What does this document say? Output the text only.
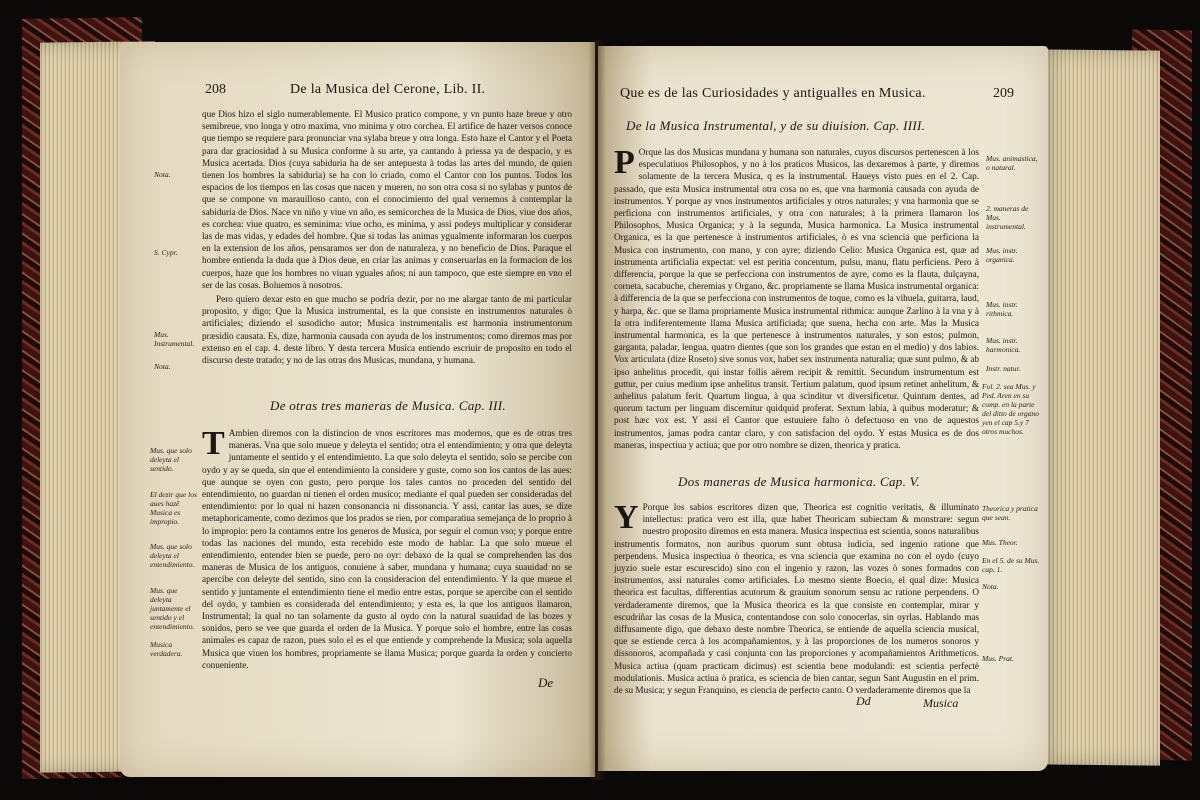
208	De la Musica del Cerone, Lib. II.

que Dios hizo el siglo numerablemente. El Musico pratico compone, y vn punto haze breue y otro semibreue, vno longa y otro maxima, vno minima y otro corchea. El artifice de hazer versos conoce que tiempo se requiere para pronunciar vna sylaba breue y otra longa. Esto haze el Cantor y el Poeta para dar graciosidad à su Musica conforme à su arte, ya cantando à priessa ya de despacio, y es Musica acertada. Dios (cuya sabiduria ha de ser antepuesta à todas las artes del mundo, de quien tienen los hombres la sabiduria) se ha con lo criado, como el Cantor con los puntos. Todos los espacios de los tiempos en las cosas que nacen y mueren, no son otra cosa si no sylabas y puntos de que se compone vn marauilloso canto, con el conocimiento del qual vernemos à contemplar la sabiduria de Dios. Nace vn niño y viue vn año, es semicorchea de la Musica de Dios, viue dos años, es corchea: viue quatro, es seminima: viue ocho, es minima, y assi podeys multiplicar y considerar las de mas vidas, y edades del hombre. Que si todas las animas ygualmente informaran los cuerpos en la extension de los años, pensaramos ser don de naturaleza, y no beneficio de Dios. Paraque el hombre entienda la duda que à Dios deue, en criar las animas y conseruarlas en la formacion de los cuerpos, haze que los hombres no viuan yguales años; ni aun tampoco, que este siempre en vno el ser de las cosas. Boluemos à nosotros.

Pero quiero dexar esto en que mucho se podria dezir, por no me alargar tanto de mi particular proposito, y digo; Que la Musica instrumental, es la que consiste en instrumentos naturales ò artificiales; diziendo el susodicho autor; Musica instrumentalis est harmonia instrumentorum præsidio causata. Es, dize, harmonia causada con ayuda de los instrumentos; como diremos mas por extenso en el cap. 4. deste libro. Y desta tercera Musica entiendo escriuir de proposito en todo el discurso deste tratado; y no de las otras dos Musicas, mundana, y humana.

De otras tres maneras de Musica. Cap. III.

T Ambien diremos con la distincion de vnos escritores mas modernos, que es de otras tres maneras. Vna que solo mueue y deleyta el sentido; otra el entendimiento; y otra que deleyta juntamente el sentido y el entendimiento. La que solo deleyta el sentido, solo se percibe con oydo y ay se queda, sin que el entendimiento la considere y guste, como son los cantos de las aues: que aunque se oyen con gusto, pero porque los tales cantos no proceden del sentido del entendimiento, no guardan ni tienen el orden musico; mediante el qual pueden ser consideradas del entendimiento: por lo qual ni hazen consonancia ni dissonancia. Y assi, cantar las aues, se dize metaphoricamente, como dezimos que los prados se rien, por comparatiua semejança de lo proprio à lo impropio: pero la contamos entre los generos de Musica, por seguir el comun vso; y porque entre todas las naciones del mundo, esta recebido este modo de hablar. La que solo mueue el entendimiento, entender bien se puede, pero no oyr: debaxo de la qual se comprehenden las dos maneras de Musica de los antiguos, conuiene à saber, mundana y humana; cuya suauidad no se apercibe con deleyte del sentido, sino con la consideracion del entendimiento. Y la que mueue el sentido y juntamente el entendimiento tiene el medio entre estas, porque se apercibe con el sentido del oydo, y tambien es considerada del entendimiento; y esta es, la que los antiguos llamaron, Instrumental; la qual no tan solamente da gusto al oydo con la natural suauidad de las bozes y sonidos, pero se vee que guarda el orden de la Musica. Y porque solo el hombre, entre las cosas animales es capaz de razon, pues solo el es el que entiende y comprehende la Musica; sola aquella Musica que viuen los hombres, propriamente se llama Musica; porque guarda la orden y concierto conueniente.

De
Nota.
S. Cypr.
Mus. Instrumental.
Nota.
Mus. que solo deleyta el sentido.
El dezir que los aues hazē Musica es impropio.
Mus. que solo deleyta el entendimiento.
Mus. que deleyta juntamente el sentido y el entendimiento.
Musica verdadera.
Que es de las Curiosidades y antigualles en Musica.	209
De la Musica Instrumental, y de su diuision. Cap. IIII.

P Orque las dos Musicas mundana y humana son naturales, cuyos discursos pertenescen à los especulatiuos Philosophos, y no à los praticos Musicos, las dexaremos à parte, y diremos solamente de la tercera Musica, q es la instrumental. Haueys visto pues en el 2. Cap. passado, que esta Musica instrumental otra cosa no es, que vna harmonia causada con ayuda de instrumentos. Y porque ay vnos instrumentos artificiales y otros naturales; y vna harmonia que se perficiona con instrumentos artificiales, y otra con naturales; à la primera llamaron los Philosophos, Musica Organica; y à la segunda, Musica harmonica. La Musica instrumental Organica, es la que pertenesce à instrumentos artificiales, ò es vna sciencia que perficiona la Musica con instrumento, con mano, y con ayre; diziendo Celio: Musica Organica est, quæ ad instrumenta artificialia expectat: vel est peritia concentum, pulsu, manu, flatu perficiens. Pero à differencia, porque la que se perfecciona con instrumentos de ayre, como es la flauta, dulçayna, corneta, sacabuche, cheremias y Organo, &c. propriamente se llama Musica instrumental organica: à differencia de la que se perfecciona con instrumentos de toque, como es la vihuela, guitarra, laud, y harpa, &c. que se llama propriamente Musica instrumental rithmica: aunque Zarlino à la vna y à la otra indiferentemente llama Musica artificiada; que suena, hecha con arte. Mas la Musica instrumental harmonica, es la que pertenesce à instrumentos naturales, y son estos; pulmon, garganta, paladar, lengua, quatro dientes (que son los grandes que estan en el medio) y dos labios. Vox articulata (dize Roseto) sive sonus vox, habet sex instrumenta naturalia; quæ sunt pulmo, & ab ipso anhelitus procedit, qui instar follis aërem recipit & remittit. Secundum instrumentum est guttur, per cuius medium ipse anhelitus transit. Tertium palatum, quod ipsum retinet anhelitum, & anhelitus palatum ferit. Quartum lingua, à qua scinditur vt diversificetur. Quintum dentes, ad quorum tactum per linguam discernitur quidquid proferat. Sextum labia, à quibus moderatur; & post hæc vox est. Y assi el Cantor que estuuiere falto ò defectuoso en vno de aquestos instrumentos, jamas podra cantar claro, y con satisfacion del oydo. Y estas Musica es de dos maneras, inspectiua y actiua; que por otro nombre se dizen, theorica y pratica.

Dos maneras de Musica harmonica. Cap. V.

Y Porque los sabios escritores dizen que, Theorica est cognitio veritatis, & illuminato intellectus: pratica vero est illa, quæ habet Theoricam subiectam & monstrare: segun nuestro proposito diremos en esta manera. Musica inspectiua est scientia, sonos naturalibus instrumentis formatos, non auribus quorum sunt obtusa iudicia, sed ingenio ratione que perpendens. Musica inspectiua ò theorica, es vna sciencia que examina no con el oydo (cuyo juyzio suele estar escurescido) sino con el ingenio y razon, las vozes ò sones formados con instrumentos, assi naturales como artificiales. Lo mesmo siente Boecio, el qual dize: Musica theorica est facultas, differentias acutorum & grauium sonorum sensu ac ratione perpendens. O verdaderamente diremos, que la Musica theorica es la que consiste en contemplar, mirar y escudriñar las cosas de la Musica, contentandose con solo conocerlas, sin oyrlas. Hablando mas diffusamente digo, que debaxo deste nombre Theorica, se entiende de aquella sciencia musical, que se estiende cerca à los acompañamientos, y à las proporciones de los numeros sonoros y dissonoros, acompañada y casi conjunta con las proporciones y acompañamientos Arithmeticos. Musica actiua (quam practicam dicimus) est scientia bene modulandi: est scientia perfectè modulationis. Musica actiua ò pratica, es sciencia de bien cantar, segun Sant Augustin en el prim. de su Musica; y segun Franquino, es ciencia de perfecto canto. O verdaderamente diremos que la

Dd	Musica
Mus. animastica, o natural.
2. maneras de Mus. instrumental.
Mus. instr. organica.
Mus. instr. rithmica.
Mus. instr. harmonica.
Instr. natur.
Fol. 2. sea Mus. y Ped. Aren en su comp. en la parte del ditto de organo yen el cap 5.y 7 otros muchos.
Theorica y pratica que sean.
Mus. Theor.
En el 5. de su Mus. cap. 1.
Nota.
Mus. Prat.
